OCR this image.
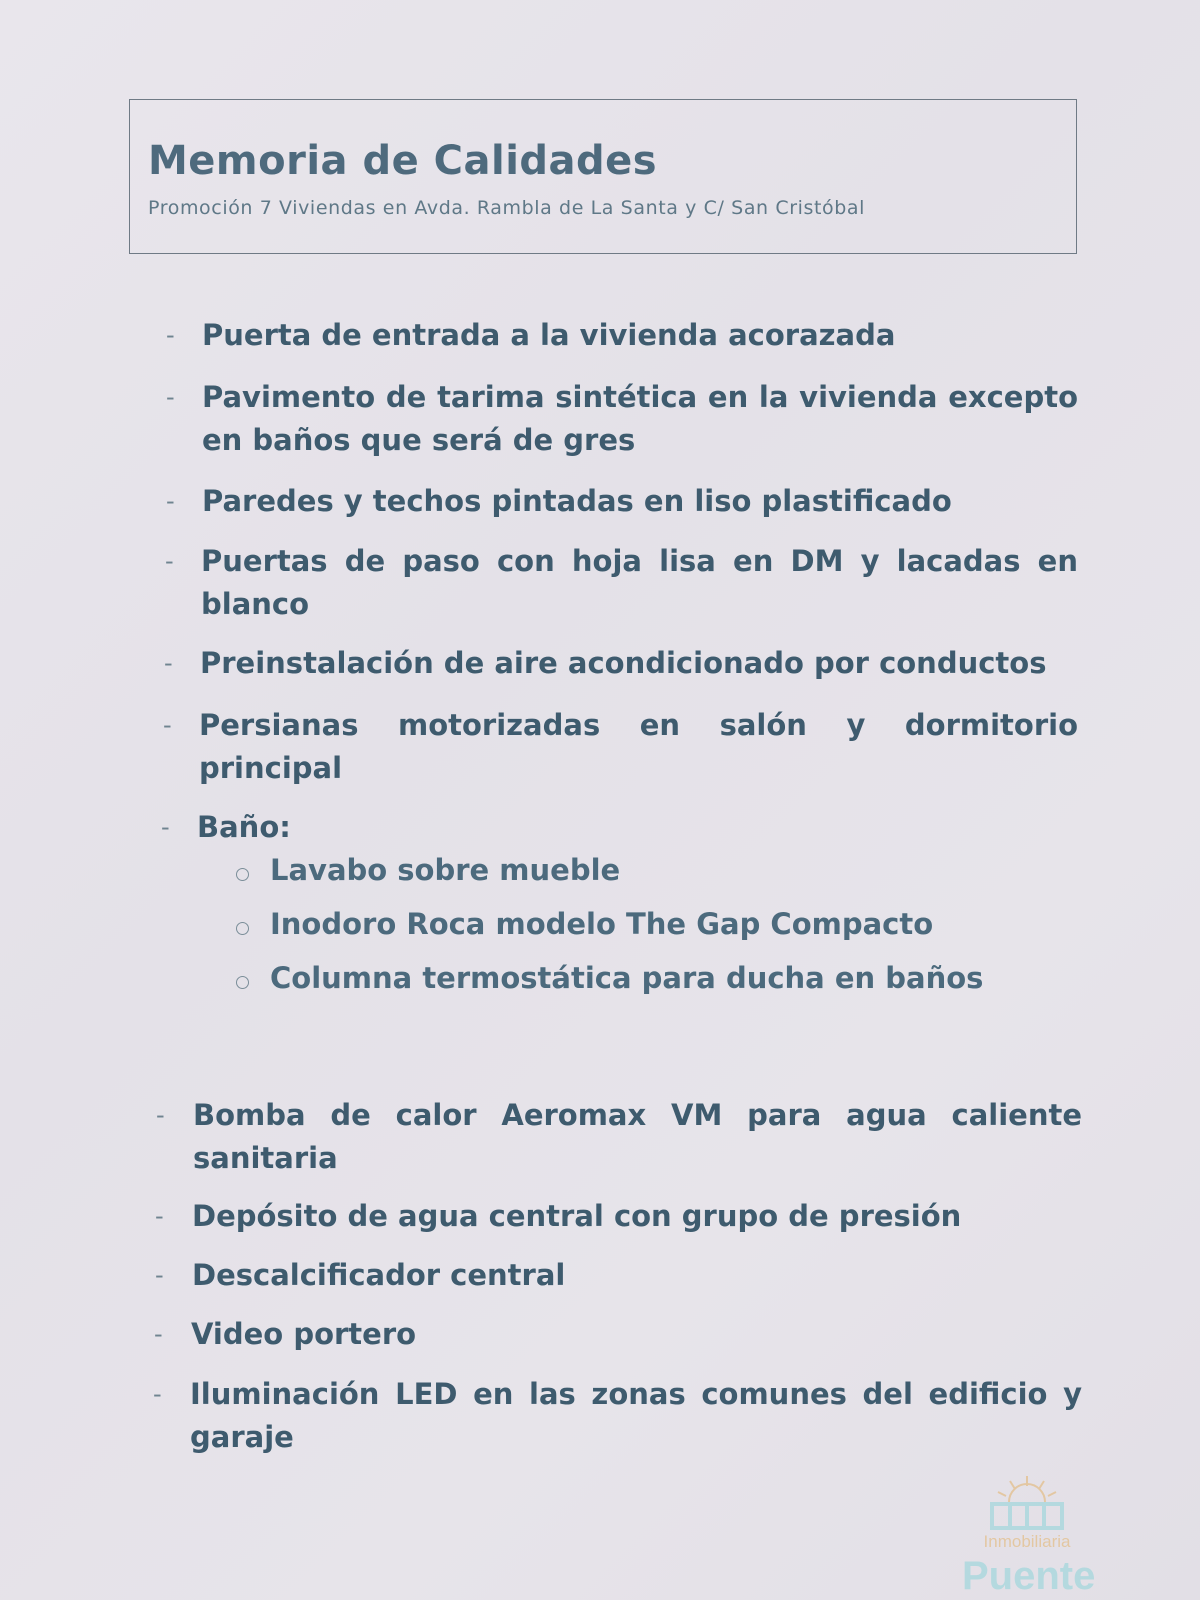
Memoria de Calidades
Promoción 7 Viviendas en Avda. Rambla de La Santa y C/ San Cristóbal
- Puerta de entrada a la vivienda acorazada
- Pavimento de tarima sintética en la vivienda excepto en baños que será de gres
- Paredes y techos pintadas en liso plastificado
- Puertas de paso con hoja lisa en DM y lacadas en blanco
- Preinstalación de aire acondicionado por conductos
- Persianas motorizadas en salón y dormitorio principal
- Baño:
Lavabo sobre mueble
Inodoro Roca modelo The Gap Compacto
Columna termostática para ducha en baños
- Bomba de calor Aeromax VM para agua caliente sanitaria
- Depósito de agua central con grupo de presión
- Descalcificador central
- Video portero
- Iluminación LED en las zonas comunes del edificio y garaje
Inmobiliaria
Puente
